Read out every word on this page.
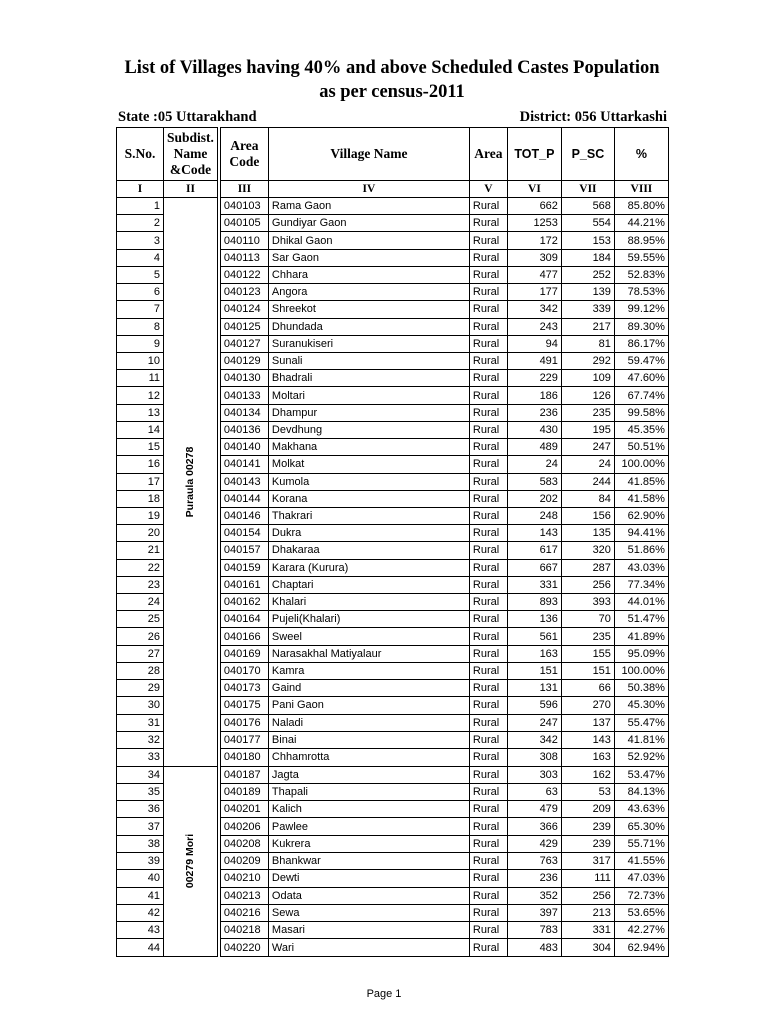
List of Villages having 40% and above Scheduled Castes Population
as per census-2011
State :05 Uttarakhand	District: 056 Uttarkashi
S.No.	Subdist. Name &Code		Area Code	Village Name	Area	TOT_P	P_SC	%
I	II		III	IV	V	VI	VII	VIII
1	Puraula 00278		040103	Rama Gaon	Rural	662	568	85.80%
2			040105	Gundiyar Gaon	Rural	1253	554	44.21%
3			040110	Dhikal Gaon	Rural	172	153	88.95%
4			040113	Sar Gaon	Rural	309	184	59.55%
5			040122	Chhara	Rural	477	252	52.83%
6			040123	Angora	Rural	177	139	78.53%
7			040124	Shreekot	Rural	342	339	99.12%
8			040125	Dhundada	Rural	243	217	89.30%
9			040127	Suranukiseri	Rural	94	81	86.17%
10			040129	Sunali	Rural	491	292	59.47%
11			040130	Bhadrali	Rural	229	109	47.60%
12			040133	Moltari	Rural	186	126	67.74%
13			040134	Dhampur	Rural	236	235	99.58%
14			040136	Devdhung	Rural	430	195	45.35%
15			040140	Makhana	Rural	489	247	50.51%
16			040141	Molkat	Rural	24	24	100.00%
17			040143	Kumola	Rural	583	244	41.85%
18			040144	Korana	Rural	202	84	41.58%
19			040146	Thakrari	Rural	248	156	62.90%
20			040154	Dukra	Rural	143	135	94.41%
21			040157	Dhakaraa	Rural	617	320	51.86%
22			040159	Karara (Kurura)	Rural	667	287	43.03%
23			040161	Chaptari	Rural	331	256	77.34%
24			040162	Khalari	Rural	893	393	44.01%
25			040164	Pujeli(Khalari)	Rural	136	70	51.47%
26			040166	Sweel	Rural	561	235	41.89%
27			040169	Narasakhal Matiyalaur	Rural	163	155	95.09%
28			040170	Kamra	Rural	151	151	100.00%
29			040173	Gaind	Rural	131	66	50.38%
30			040175	Pani Gaon	Rural	596	270	45.30%
31			040176	Naladi	Rural	247	137	55.47%
32			040177	Binai	Rural	342	143	41.81%
33			040180	Chhamrotta	Rural	308	163	52.92%
34	00279 Mori		040187	Jagta	Rural	303	162	53.47%
35			040189	Thapali	Rural	63	53	84.13%
36			040201	Kalich	Rural	479	209	43.63%
37			040206	Pawlee	Rural	366	239	65.30%
38			040208	Kukrera	Rural	429	239	55.71%
39			040209	Bhankwar	Rural	763	317	41.55%
40			040210	Dewti	Rural	236	111	47.03%
41			040213	Odata	Rural	352	256	72.73%
42			040216	Sewa	Rural	397	213	53.65%
43			040218	Masari	Rural	783	331	42.27%
44			040220	Wari	Rural	483	304	62.94%
Page 1
